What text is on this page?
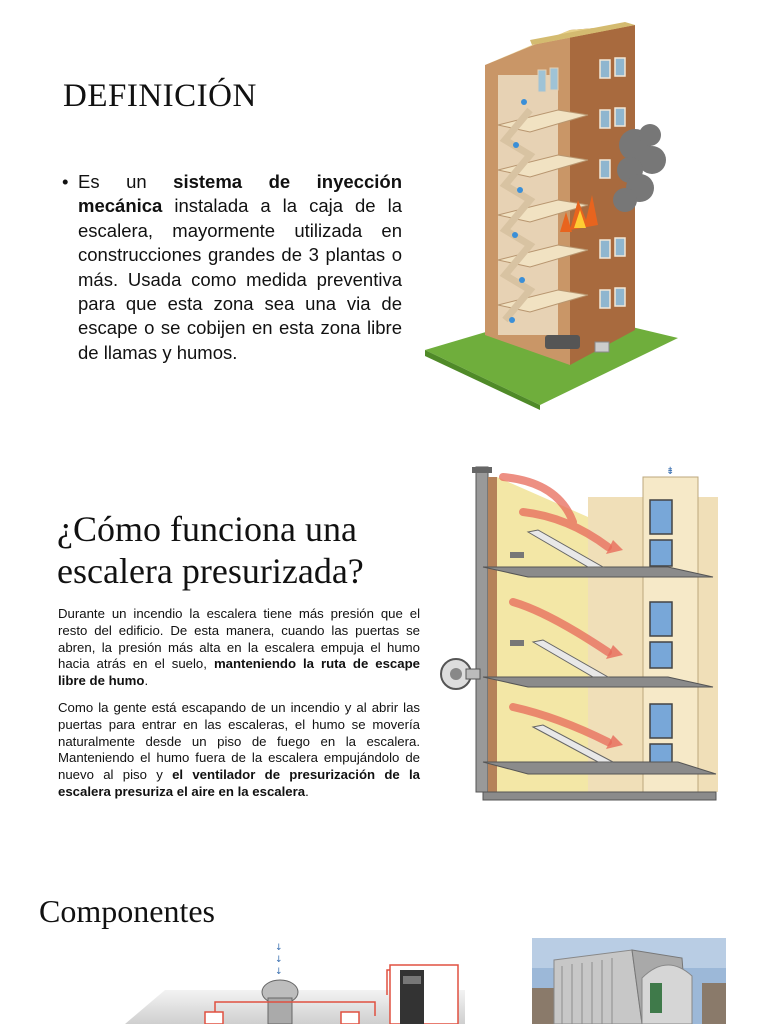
DEFINICIÓN
• Es un sistema de inyección mecánica instalada a la caja de la escalera, mayormente utilizada en construcciones grandes de 3 plantas o más. Usada como medida preventiva para que esta zona sea una via de escape o se cobijen en esta zona libre de llamas y humos.
¿Cómo funciona una escalera presurizada?
Durante un incendio la escalera tiene más presión que el resto del edificio. De esta manera, cuando las puertas se abren, la presión más alta en la escalera empuja el humo hacia atrás en el suelo, manteniendo la ruta de escape libre de humo.
Como la gente está escapando de un incendio y al abrir las puertas para entrar en las escaleras, el humo se movería naturalmente desde un piso de fuego en la escalera. Manteniendo el humo fuera de la escalera empujándolo de nuevo al piso y el ventilador de presurización de la escalera presuriza el aire en la escalera.
⇟
Componentes
↓
↓
↓
